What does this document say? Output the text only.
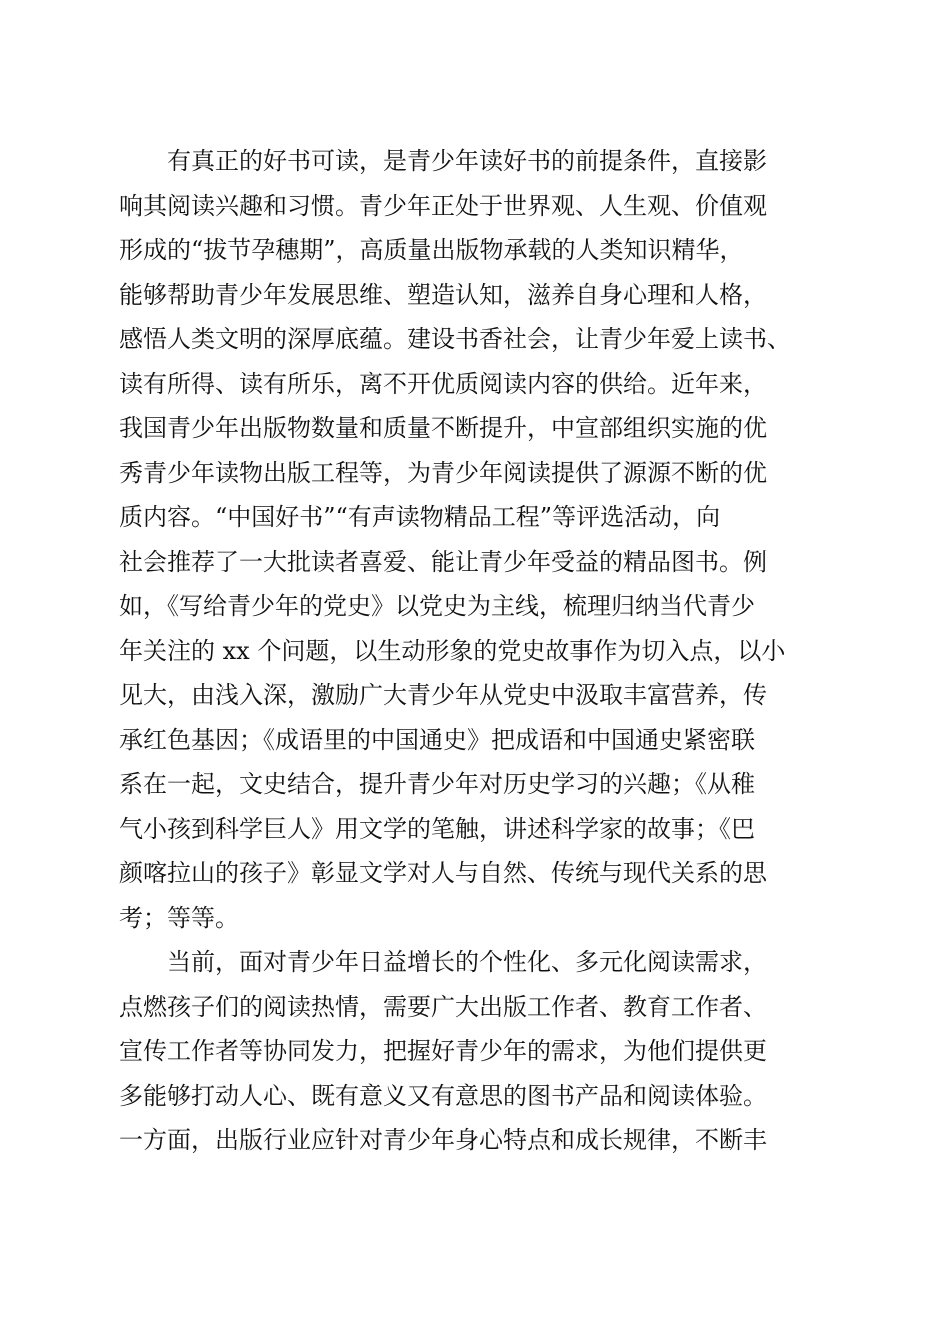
有真正的好书可读，是青少年读好书的前提条件，直接影
响其阅读兴趣和习惯。青少年正处于世界观、人生观、价值观
形成的“拔节孕穗期”，高质量出版物承载的人类知识精华，
能够帮助青少年发展思维、塑造认知，滋养自身心理和人格，
感悟人类文明的深厚底蕴。建设书香社会，让青少年爱上读书、
读有所得、读有所乐，离不开优质阅读内容的供给。近年来，
我国青少年出版物数量和质量不断提升，中宣部组织实施的优
秀青少年读物出版工程等，为青少年阅读提供了源源不断的优
质内容。“中国好书”“有声读物精品工程”等评选活动，向
社会推荐了一大批读者喜爱、能让青少年受益的精品图书。例
如，《写给青少年的党史》以党史为主线，梳理归纳当代青少
年关注的 xx 个问题，以生动形象的党史故事作为切入点，以小
见大，由浅入深，激励广大青少年从党史中汲取丰富营养，传
承红色基因；《成语里的中国通史》把成语和中国通史紧密联
系在一起，文史结合，提升青少年对历史学习的兴趣；《从稚
气小孩到科学巨人》用文学的笔触，讲述科学家的故事；《巴
颜喀拉山的孩子》彰显文学对人与自然、传统与现代关系的思
考；等等。
当前，面对青少年日益增长的个性化、多元化阅读需求，
点燃孩子们的阅读热情，需要广大出版工作者、教育工作者、
宣传工作者等协同发力，把握好青少年的需求，为他们提供更
多能够打动人心、既有意义又有意思的图书产品和阅读体验。
一方面，出版行业应针对青少年身心特点和成长规律，不断丰
